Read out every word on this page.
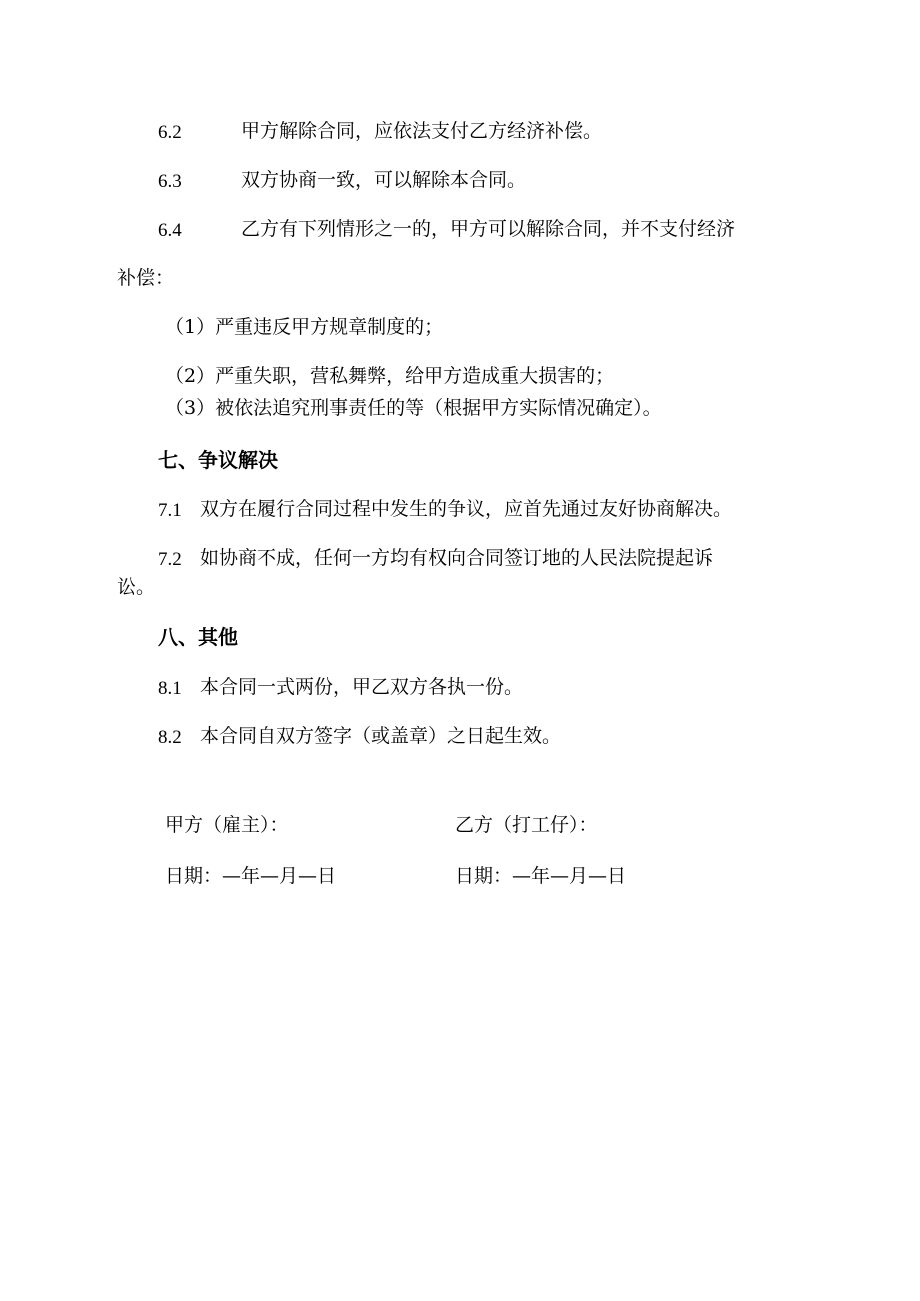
6.2	甲方解除合同，应依法支付乙方经济补偿。
6.3	双方协商一致，可以解除本合同。
6.4	乙方有下列情形之一的，甲方可以解除合同，并不支付经济
补偿：
（1）严重违反甲方规章制度的；
（2）严重失职，营私舞弊，给甲方造成重大损害的；
（3）被依法追究刑事责任的等（根据甲方实际情况确定）。
七、争议解决
7.1 双方在履行合同过程中发生的争议，应首先通过友好协商解决。
7.2 如协商不成，任何一方均有权向合同签订地的人民法院提起诉
讼。
八、其他
8.1 本合同一式两份，甲乙双方各执一份。
8.2 本合同自双方签字（或盖章）之日起生效。
甲方（雇主）：	乙方（打工仔）：
日期：—年—月—日	日期：—年—月—日
